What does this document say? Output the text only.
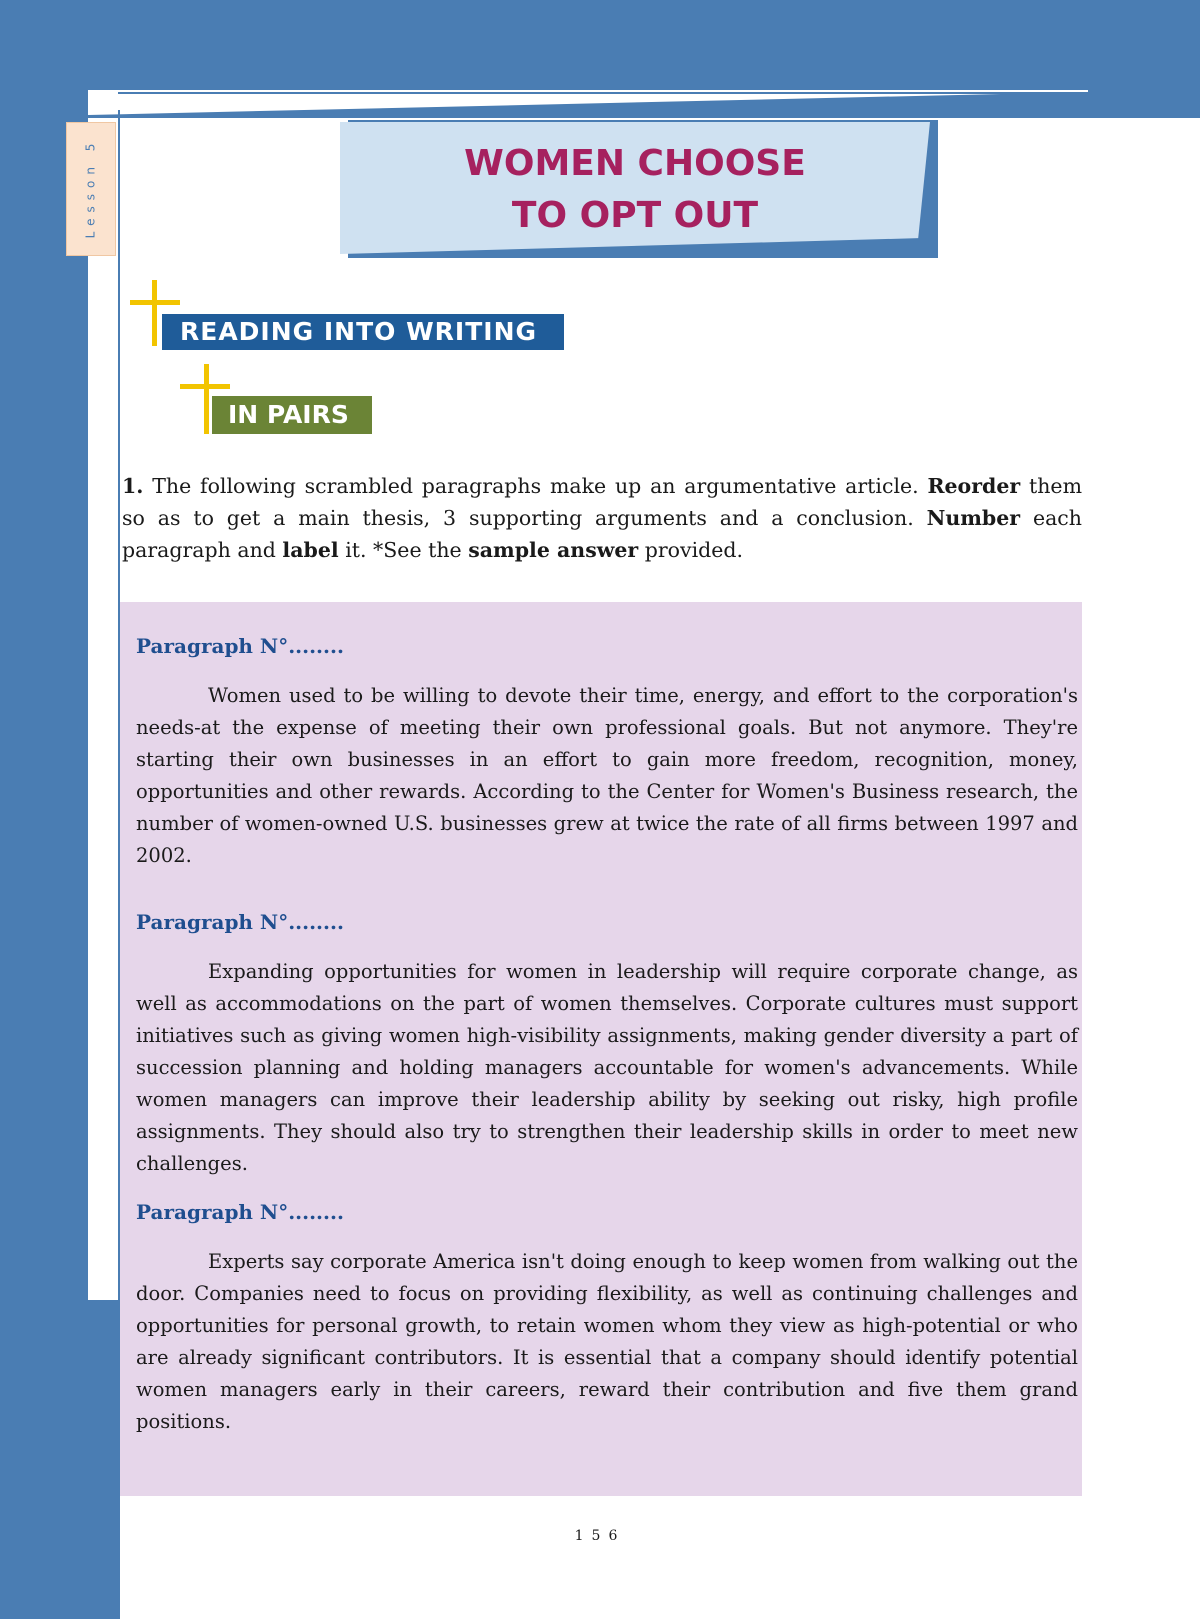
Lesson 5	WOMEN CHOOSE
TO OPT OUT
READING INTO WRITING
IN PAIRS
1. The following scrambled paragraphs make up an argumentative article. Reorder them so as to get a main thesis, 3 supporting arguments and a conclusion. Number each paragraph and label it. *See the sample answer provided.
Paragraph N°........

Women used to be willing to devote their time, energy, and effort to the corporation's needs-at the expense of meeting their own professional goals. But not anymore. They're starting their own businesses in an effort to gain more freedom, recognition, money, opportunities and other rewards. According to the Center for Women's Business research, the number of women-owned U.S. businesses grew at twice the rate of all firms between 1997 and 2002.

Paragraph N°........

Expanding opportunities for women in leadership will require corporate change, as well as accommodations on the part of women themselves. Corporate cultures must support initiatives such as giving women high-visibility assignments, making gender diversity a part of succession planning and holding managers accountable for women's advancements. While women managers can improve their leadership ability by seeking out risky, high profile assignments. They should also try to strengthen their leadership skills in order to meet new challenges.

Paragraph N°........

Experts say corporate America isn't doing enough to keep women from walking out the door. Companies need to focus on providing flexibility, as well as continuing challenges and opportunities for personal growth, to retain women whom they view as high-potential or who are already significant contributors. It is essential that a company should identify potential women managers early in their careers, reward their contribution and five them grand positions.

156
